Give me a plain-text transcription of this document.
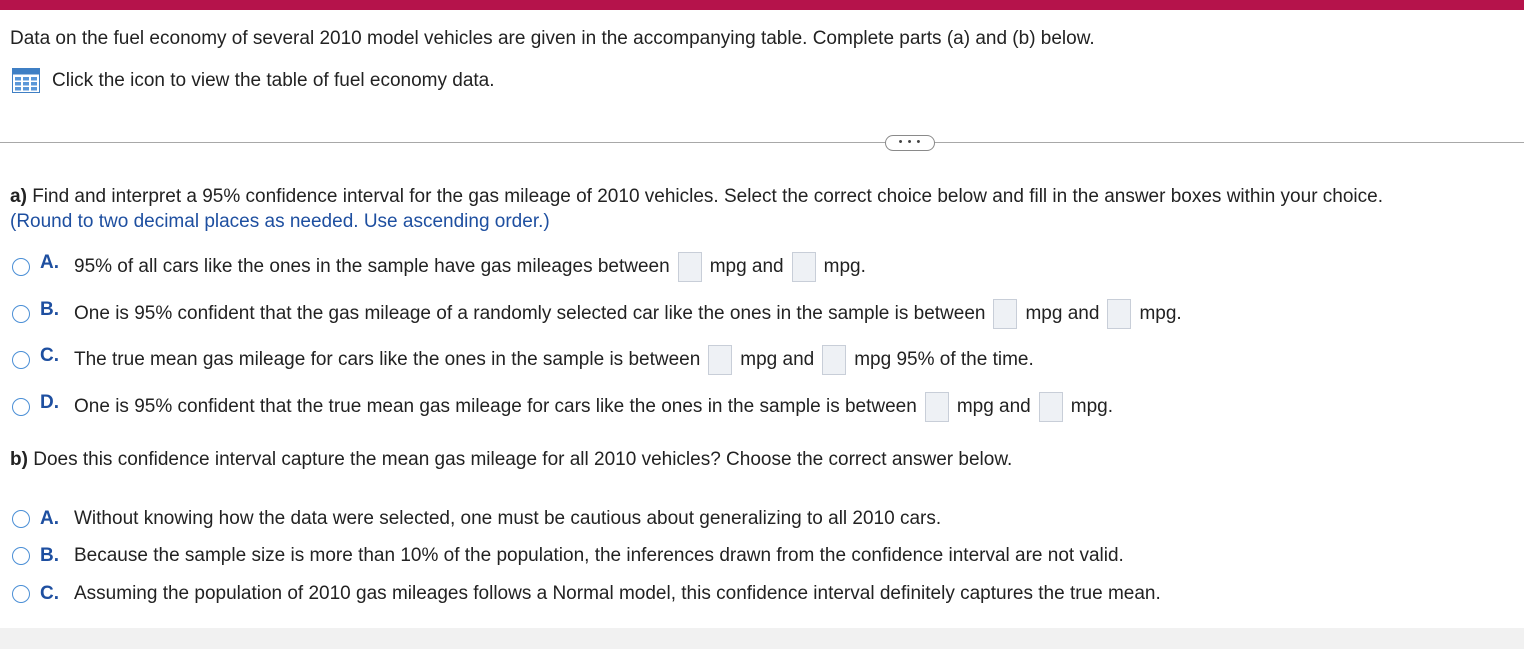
Data on the fuel economy of several 2010 model vehicles are given in the accompanying table. Complete parts (a) and (b) below.
Click the icon to view the table of fuel economy data.
• • •
a) Find and interpret a 95% confidence interval for the gas mileage of 2010 vehicles. Select the correct choice below and fill in the answer boxes within your choice.
(Round to two decimal places as needed. Use ascending order.)
A. 95% of all cars like the ones in the sample have gas mileages between mpg and mpg.
B. One is 95% confident that the gas mileage of a randomly selected car like the ones in the sample is between mpg and mpg.
C. The true mean gas mileage for cars like the ones in the sample is between mpg and mpg 95% of the time.
D. One is 95% confident that the true mean gas mileage for cars like the ones in the sample is between mpg and mpg.
b) Does this confidence interval capture the mean gas mileage for all 2010 vehicles? Choose the correct answer below.
A. Without knowing how the data were selected, one must be cautious about generalizing to all 2010 cars.
B. Because the sample size is more than 10% of the population, the inferences drawn from the confidence interval are not valid.
C. Assuming the population of 2010 gas mileages follows a Normal model, this confidence interval definitely captures the true mean.
